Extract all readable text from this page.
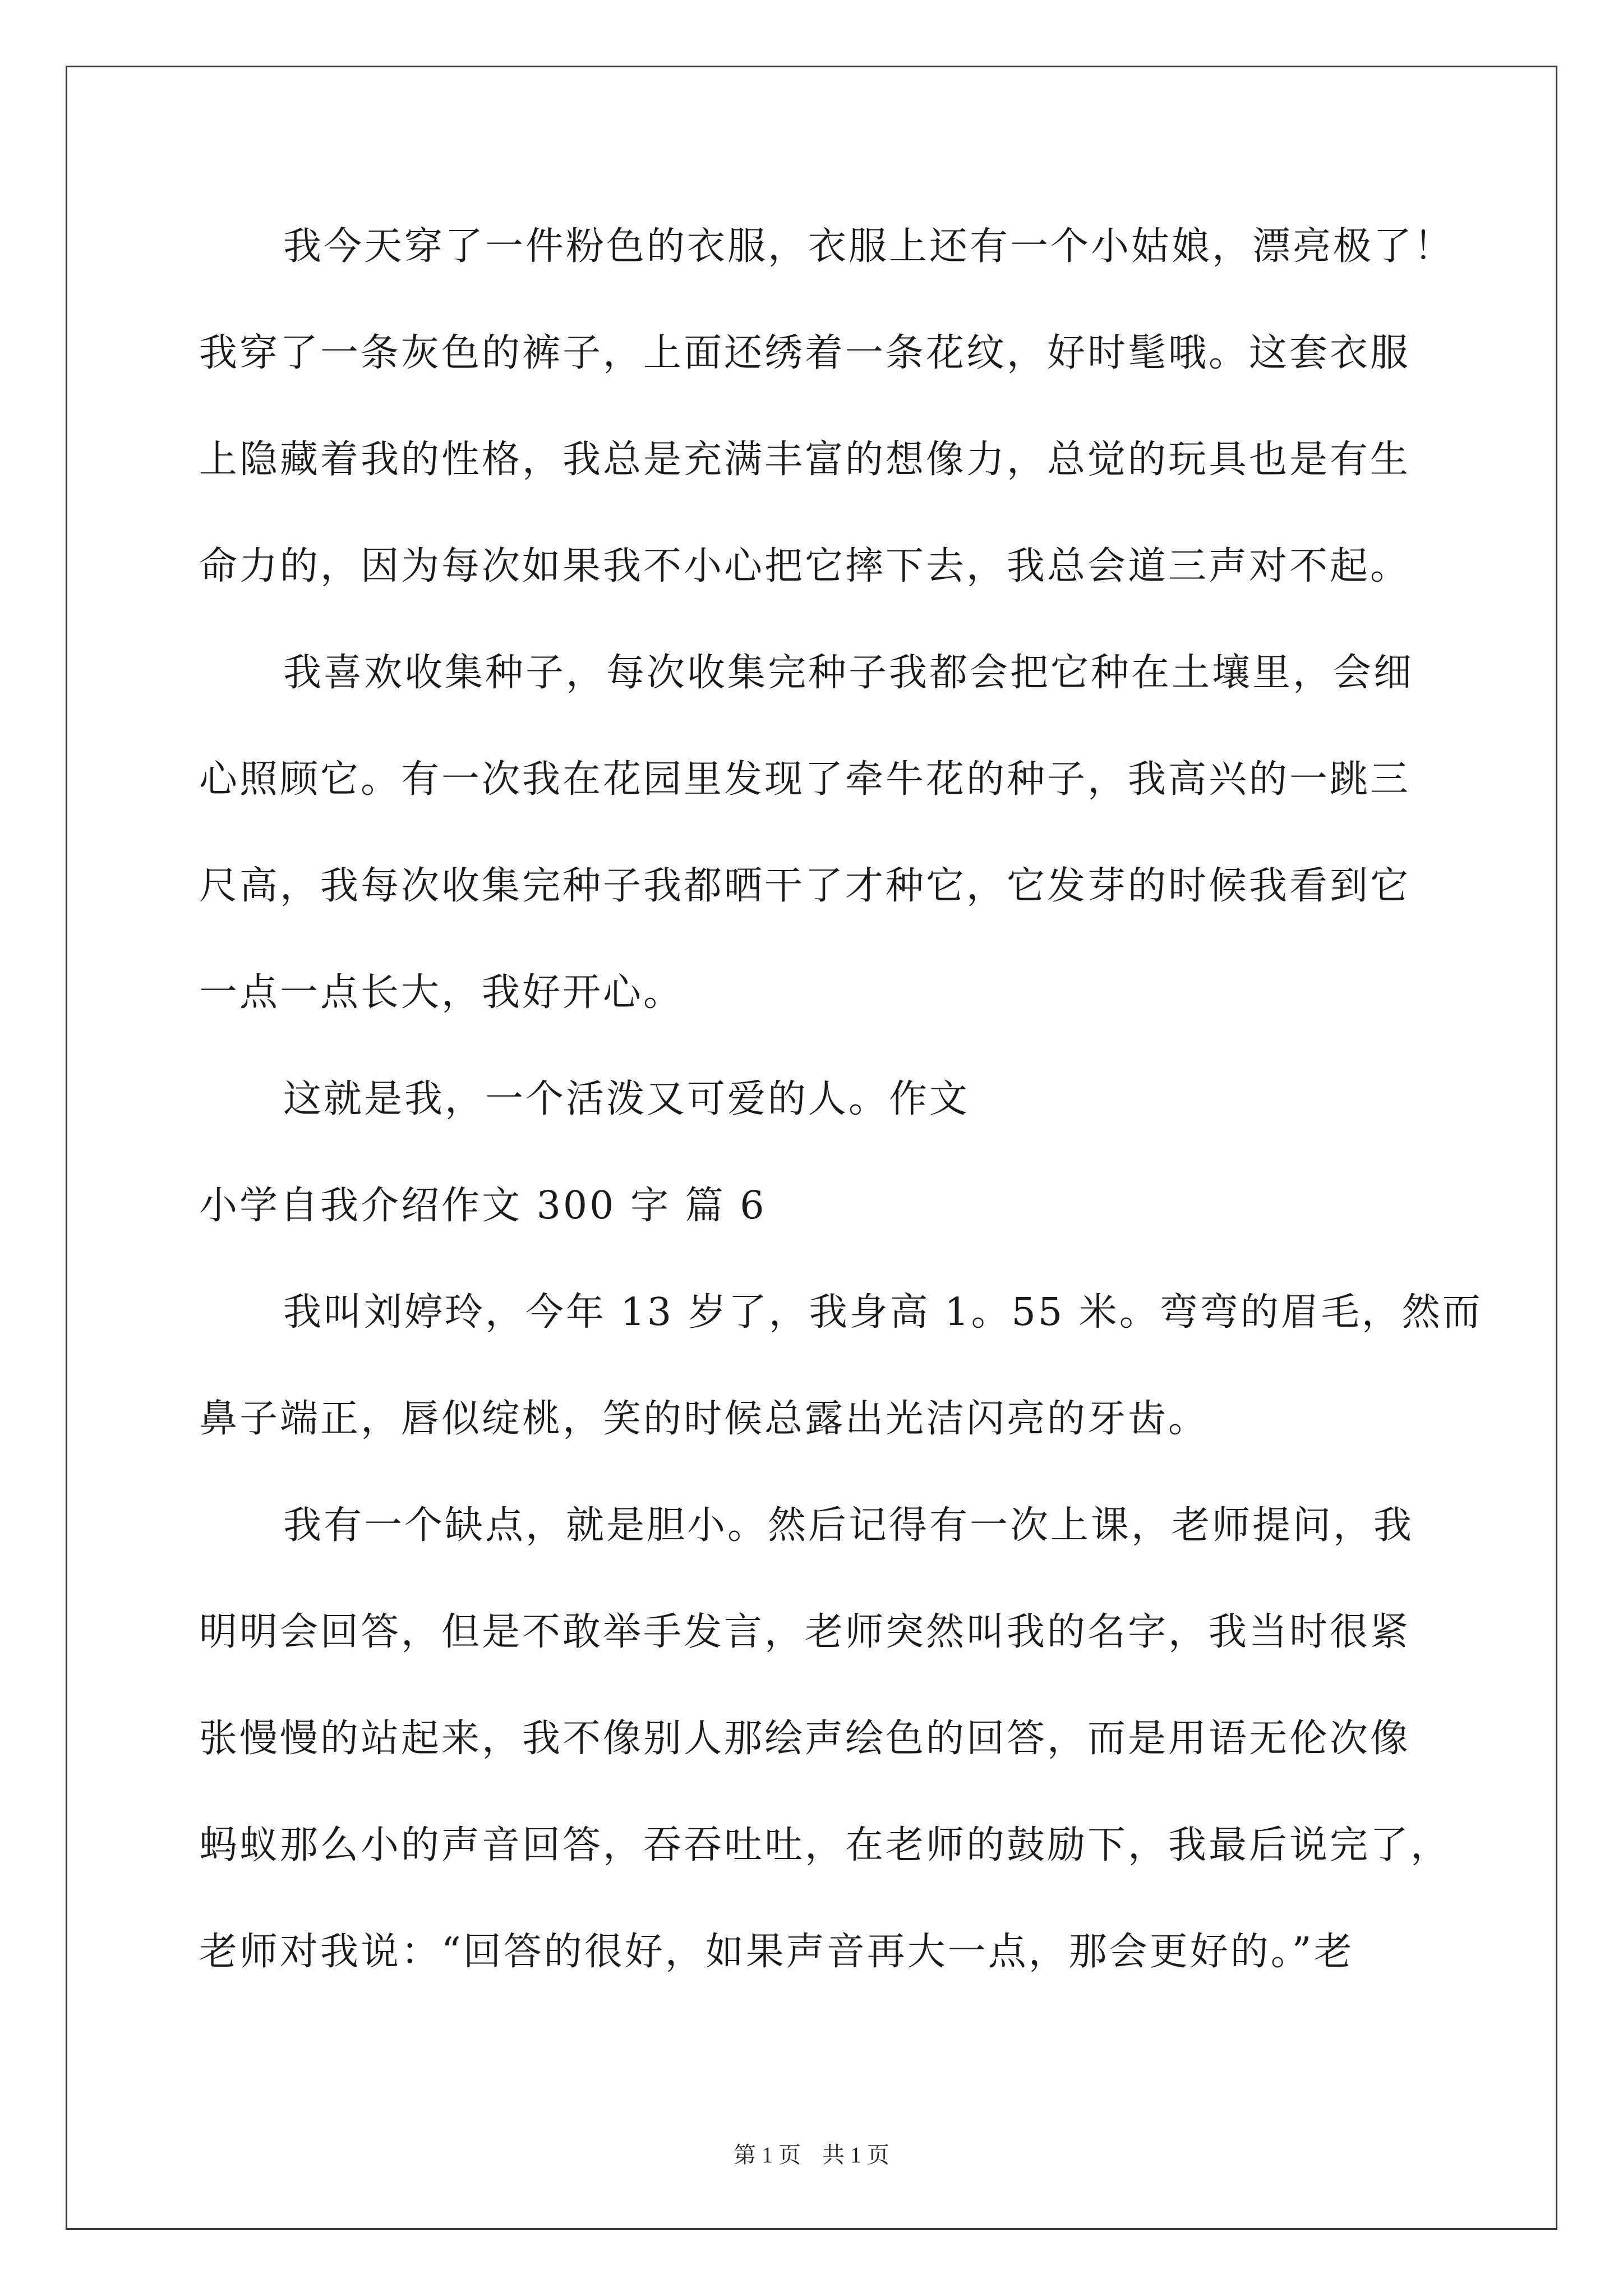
我今天穿了一件粉色的衣服，衣服上还有一个小姑娘，漂亮极了！
我穿了一条灰色的裤子，上面还绣着一条花纹，好时髦哦。这套衣服
上隐藏着我的性格，我总是充满丰富的想像力，总觉的玩具也是有生
命力的，因为每次如果我不小心把它摔下去，我总会道三声对不起。
我喜欢收集种子，每次收集完种子我都会把它种在土壤里，会细
心照顾它。有一次我在花园里发现了牵牛花的种子，我高兴的一跳三
尺高，我每次收集完种子我都晒干了才种它，它发芽的时候我看到它
一点一点长大，我好开心。
这就是我，一个活泼又可爱的人。作文
小学自我介绍作文 300 字 篇 6
我叫刘婷玲，今年 13 岁了，我身高 1。55 米。弯弯的眉毛，然而
鼻子端正，唇似绽桃，笑的时候总露出光洁闪亮的牙齿。
我有一个缺点，就是胆小。然后记得有一次上课，老师提问，我
明明会回答，但是不敢举手发言，老师突然叫我的名字，我当时很紧
张慢慢的站起来，我不像别人那绘声绘色的回答，而是用语无伦次像
蚂蚁那么小的声音回答，吞吞吐吐，在老师的鼓励下，我最后说完了，
老师对我说：“回答的很好，如果声音再大一点，那会更好的。”老
第 1 页 共 1 页
